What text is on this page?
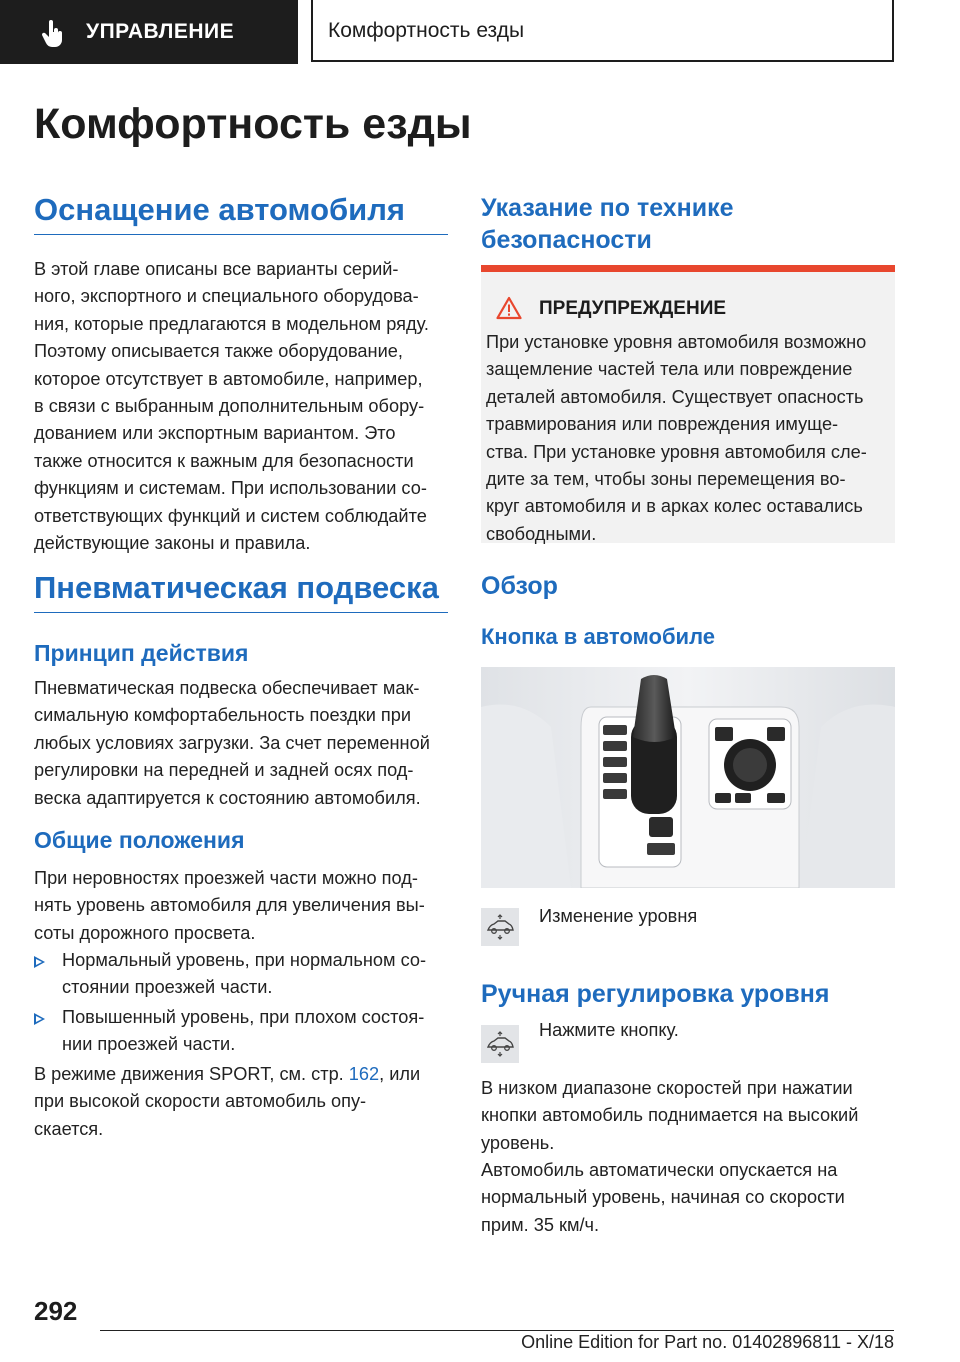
УПРАВЛЕНИЕ	Комфортность езды
Комфортность езды
Оснащение автомобиля

В этой главе описаны все варианты серий-
ного, экспортного и специального оборудова-
ния, которые предлагаются в модельном ряду.
Поэтому описывается также оборудование,
которое отсутствует в автомобиле, например,
в связи с выбранным дополнительным обору-
дованием или экспортным вариантом. Это
также относится к важным для безопасности
функциям и системам. При использовании со-
ответствующих функций и систем соблюдайте
действующие законы и правила.

Пневматическая подвеска
Принцип действия

Пневматическая подвеска обеспечивает мак-
симальную комфортабельность поездки при
любых условиях загрузки. За счет переменной
регулировки на передней и задней осях под-
веска адаптируется к состоянию автомобиля.

Общие положения

При неровностях проезжей части можно под-
нять уровень автомобиля для увеличения вы-
соты дорожного просвета.

Нормальный уровень, при нормальном со-
стоянии проезжей части.
Повышенный уровень, при плохом состоя-
нии проезжей части.

В режиме движения SPORT, см. стр. 162, или
при высокой скорости автомобиль опу-
скается.

Указание по технике
безопасности
ПРЕДУПРЕЖДЕНИЕ

При установке уровня автомобиля возможно
защемление частей тела или повреждение
деталей автомобиля. Существует опасность
травмирования или повреждения имуще-
ства. При установке уровня автомобиля сле-
дите за тем, чтобы зоны перемещения во-
круг автомобиля и в арках колес оставались
свободными.

Обзор
Кнопка в автомобиле
Изменение уровня
Ручная регулировка уровня
Нажмите кнопку.

В низком диапазоне скоростей при нажатии
кнопки автомобиль поднимается на высокий
уровень.

Автомобиль автоматически опускается на
нормальный уровень, начиная со скорости
прим. 35 км/ч.

292
Online Edition for Part no. 01402896811 - X/18
